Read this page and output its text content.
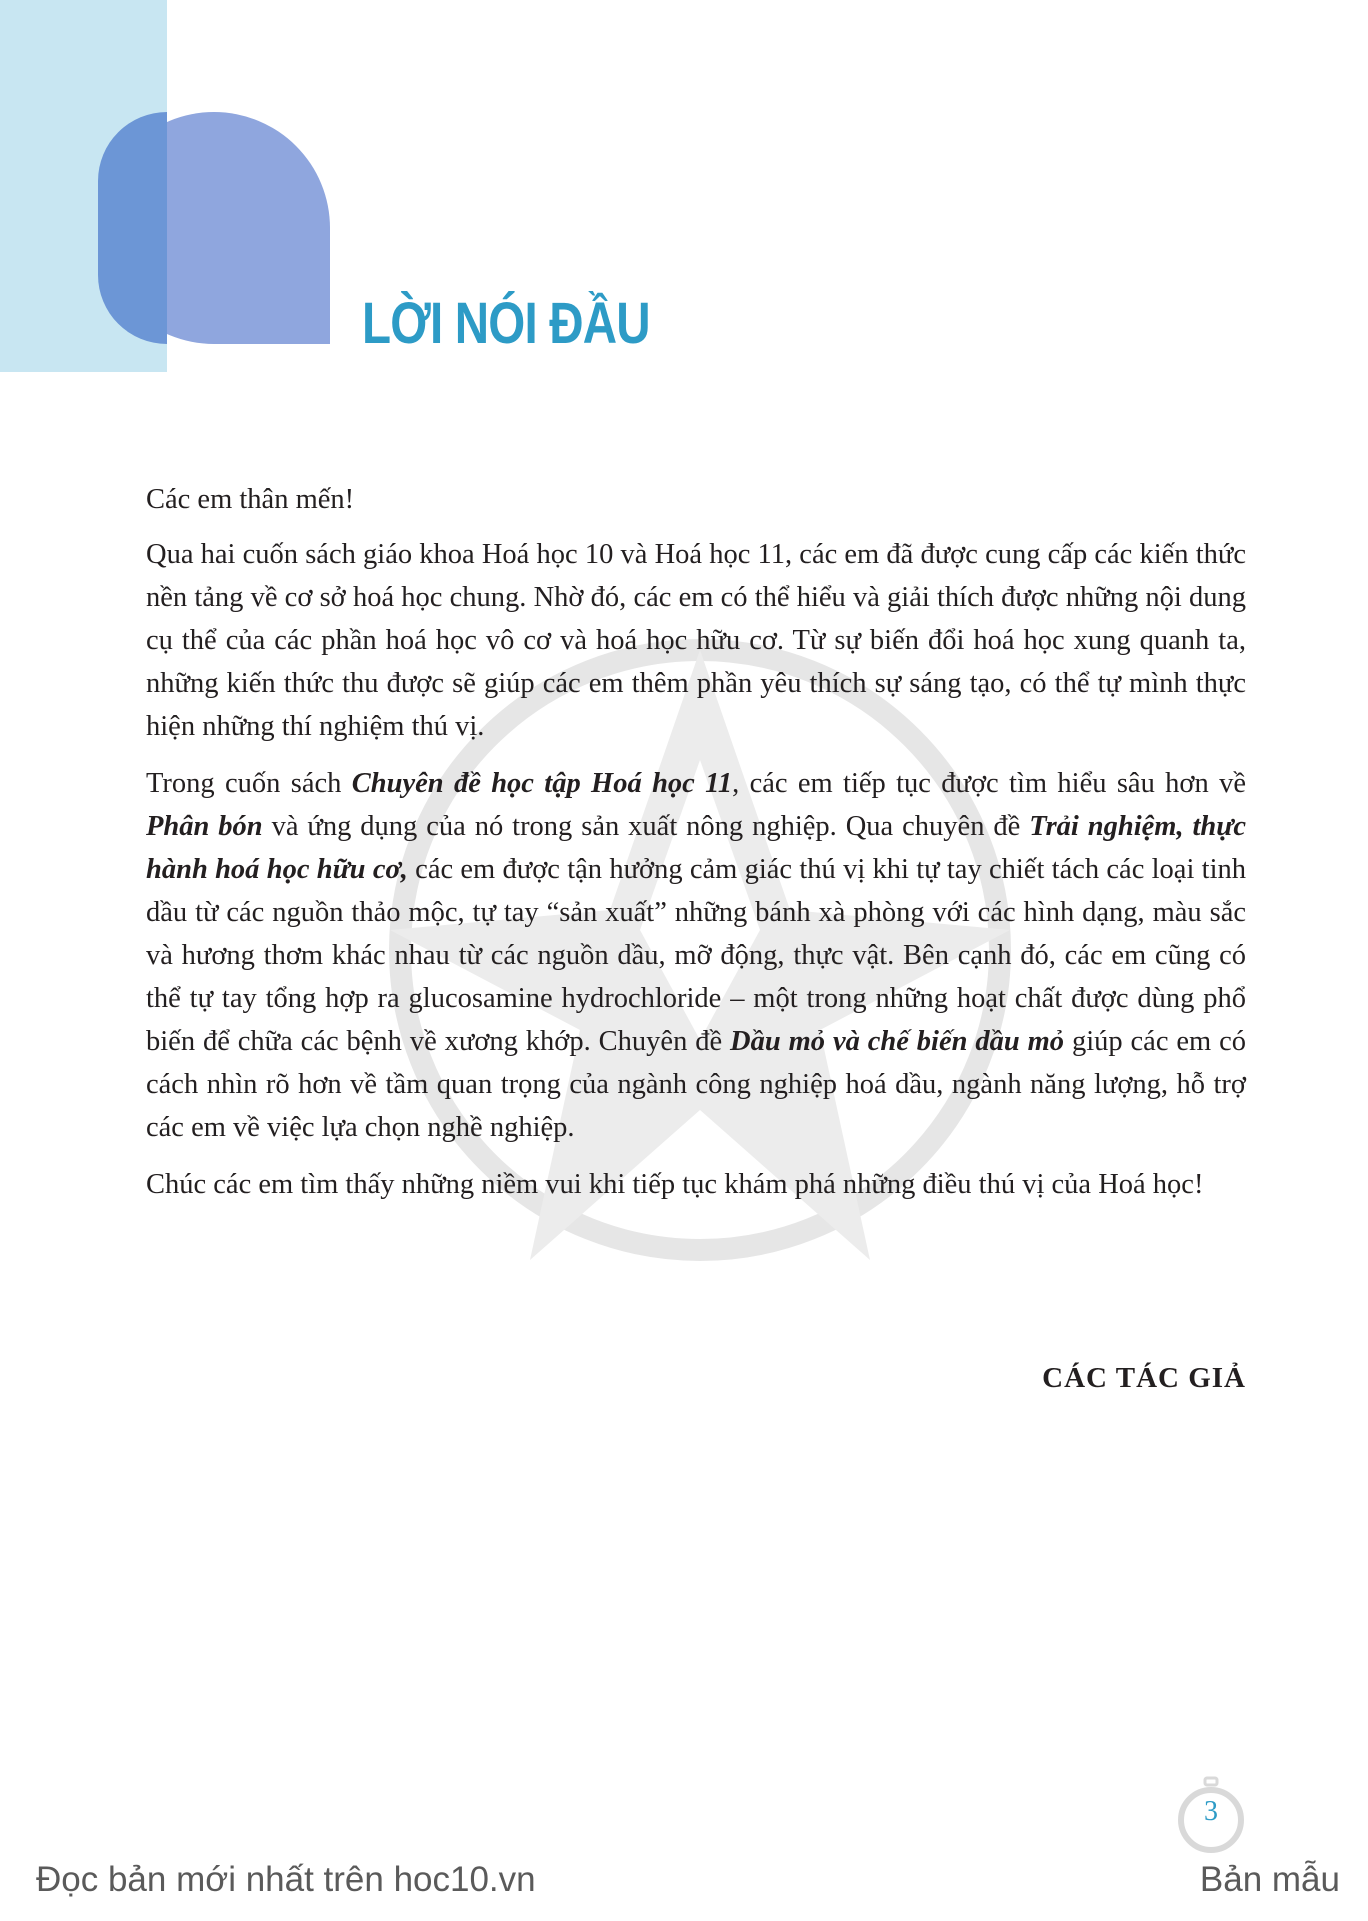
LỜI NÓI ĐẦU

Các em thân mến!

Qua hai cuốn sách giáo khoa Hoá học 10 và Hoá học 11, các em đã được cung cấp các kiến thức nền tảng về cơ sở hoá học chung. Nhờ đó, các em có thể hiểu và giải thích được những nội dung cụ thể của các phần hoá học vô cơ và hoá học hữu cơ. Từ sự biến đổi hoá học xung quanh ta, những kiến thức thu được sẽ giúp các em thêm phần yêu thích sự sáng tạo, có thể tự mình thực hiện những thí nghiệm thú vị.

Trong cuốn sách Chuyên đề học tập Hoá học 11, các em tiếp tục được tìm hiểu sâu hơn về Phân bón và ứng dụng của nó trong sản xuất nông nghiệp. Qua chuyên đề Trải nghiệm, thực hành hoá học hữu cơ, các em được tận hưởng cảm giác thú vị khi tự tay chiết tách các loại tinh dầu từ các nguồn thảo mộc, tự tay “sản xuất” những bánh xà phòng với các hình dạng, màu sắc và hương thơm khác nhau từ các nguồn dầu, mỡ động, thực vật. Bên cạnh đó, các em cũng có thể tự tay tổng hợp ra glucosamine hydrochloride – một trong những hoạt chất được dùng phổ biến để chữa các bệnh về xương khớp. Chuyên đề Dầu mỏ và chế biến dầu mỏ giúp các em có cách nhìn rõ hơn về tầm quan trọng của ngành công nghiệp hoá dầu, ngành năng lượng, hỗ trợ các em về việc lựa chọn nghề nghiệp.

Chúc các em tìm thấy những niềm vui khi tiếp tục khám phá những điều thú vị của Hoá học!

CÁC TÁC GIẢ
3
Đọc bản mới nhất trên hoc10.vn	Bản mẫu
